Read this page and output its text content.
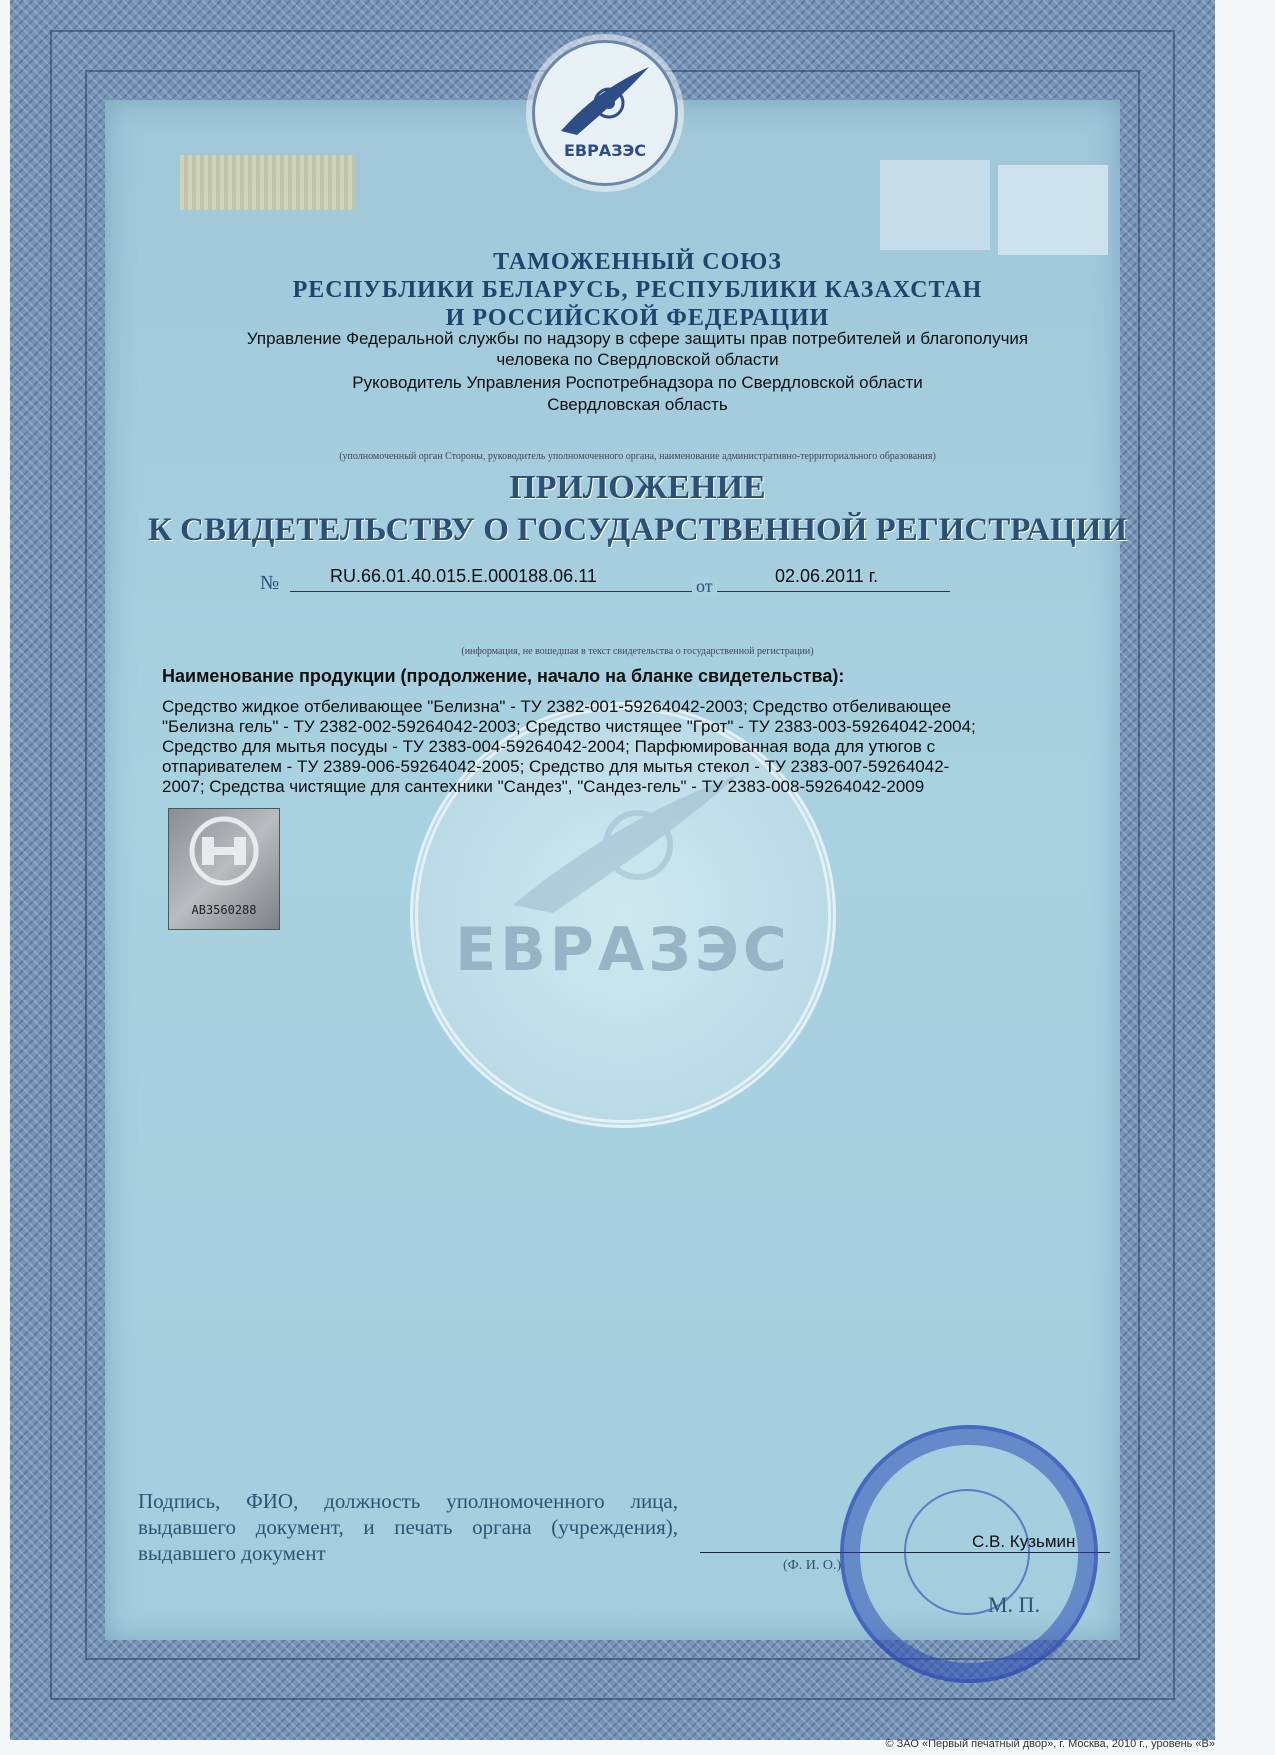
ЕВРАЗЭС
ЕВРАЗЭС
ТАМОЖЕННЫЙ СОЮЗ
РЕСПУБЛИКИ БЕЛАРУСЬ, РЕСПУБЛИКИ КАЗАХСТАН
И РОССИЙСКОЙ ФЕДЕРАЦИИ
Управление Федеральной службы по надзору в сфере защиты прав потребителей и благополучия
человека по Свердловской области
Руководитель Управления Роспотребнадзора по Свердловской области
Свердловская область
(уполномоченный орган Стороны, руководитель уполномоченного органа, наименование административно-территориального образования)
ПРИЛОЖЕНИЕ
К СВИДЕТЕЛЬСТВУ О ГОСУДАРСТВЕННОЙ РЕГИСТРАЦИИ
№	RU.66.01.40.015.Е.000188.06.11	от	02.06.2011 г.
(информация, не вошедшая в текст свидетельства о государственной регистрации)
Наименование продукции (продолжение, начало на бланке свидетельства):
Средство жидкое отбеливающее "Белизна" - ТУ 2382-001-59264042-2003; Средство отбеливающее
"Белизна гель" - ТУ 2382-002-59264042-2003; Средство чистящее "Грот" - ТУ 2383-003-59264042-2004;
Средство для мытья посуды - ТУ 2383-004-59264042-2004; Парфюмированная вода для утюгов с
отпаривателем - ТУ 2389-006-59264042-2005; Средство для мытья стекол - ТУ 2383-007-59264042-
2007; Средства чистящие для сантехники "Сандез", "Сандез-гель" - ТУ 2383-008-59264042-2009
АВ3560288
Подпись, ФИО, должность уполномоченного лица, выдавшего документ, и печать органа (учреждения), выдавшего документ
(Ф. И. О.)
С.В. Кузьмин
М. П.
© ЗАО «Первый печатный двор», г. Москва, 2010 г., уровень «В»
